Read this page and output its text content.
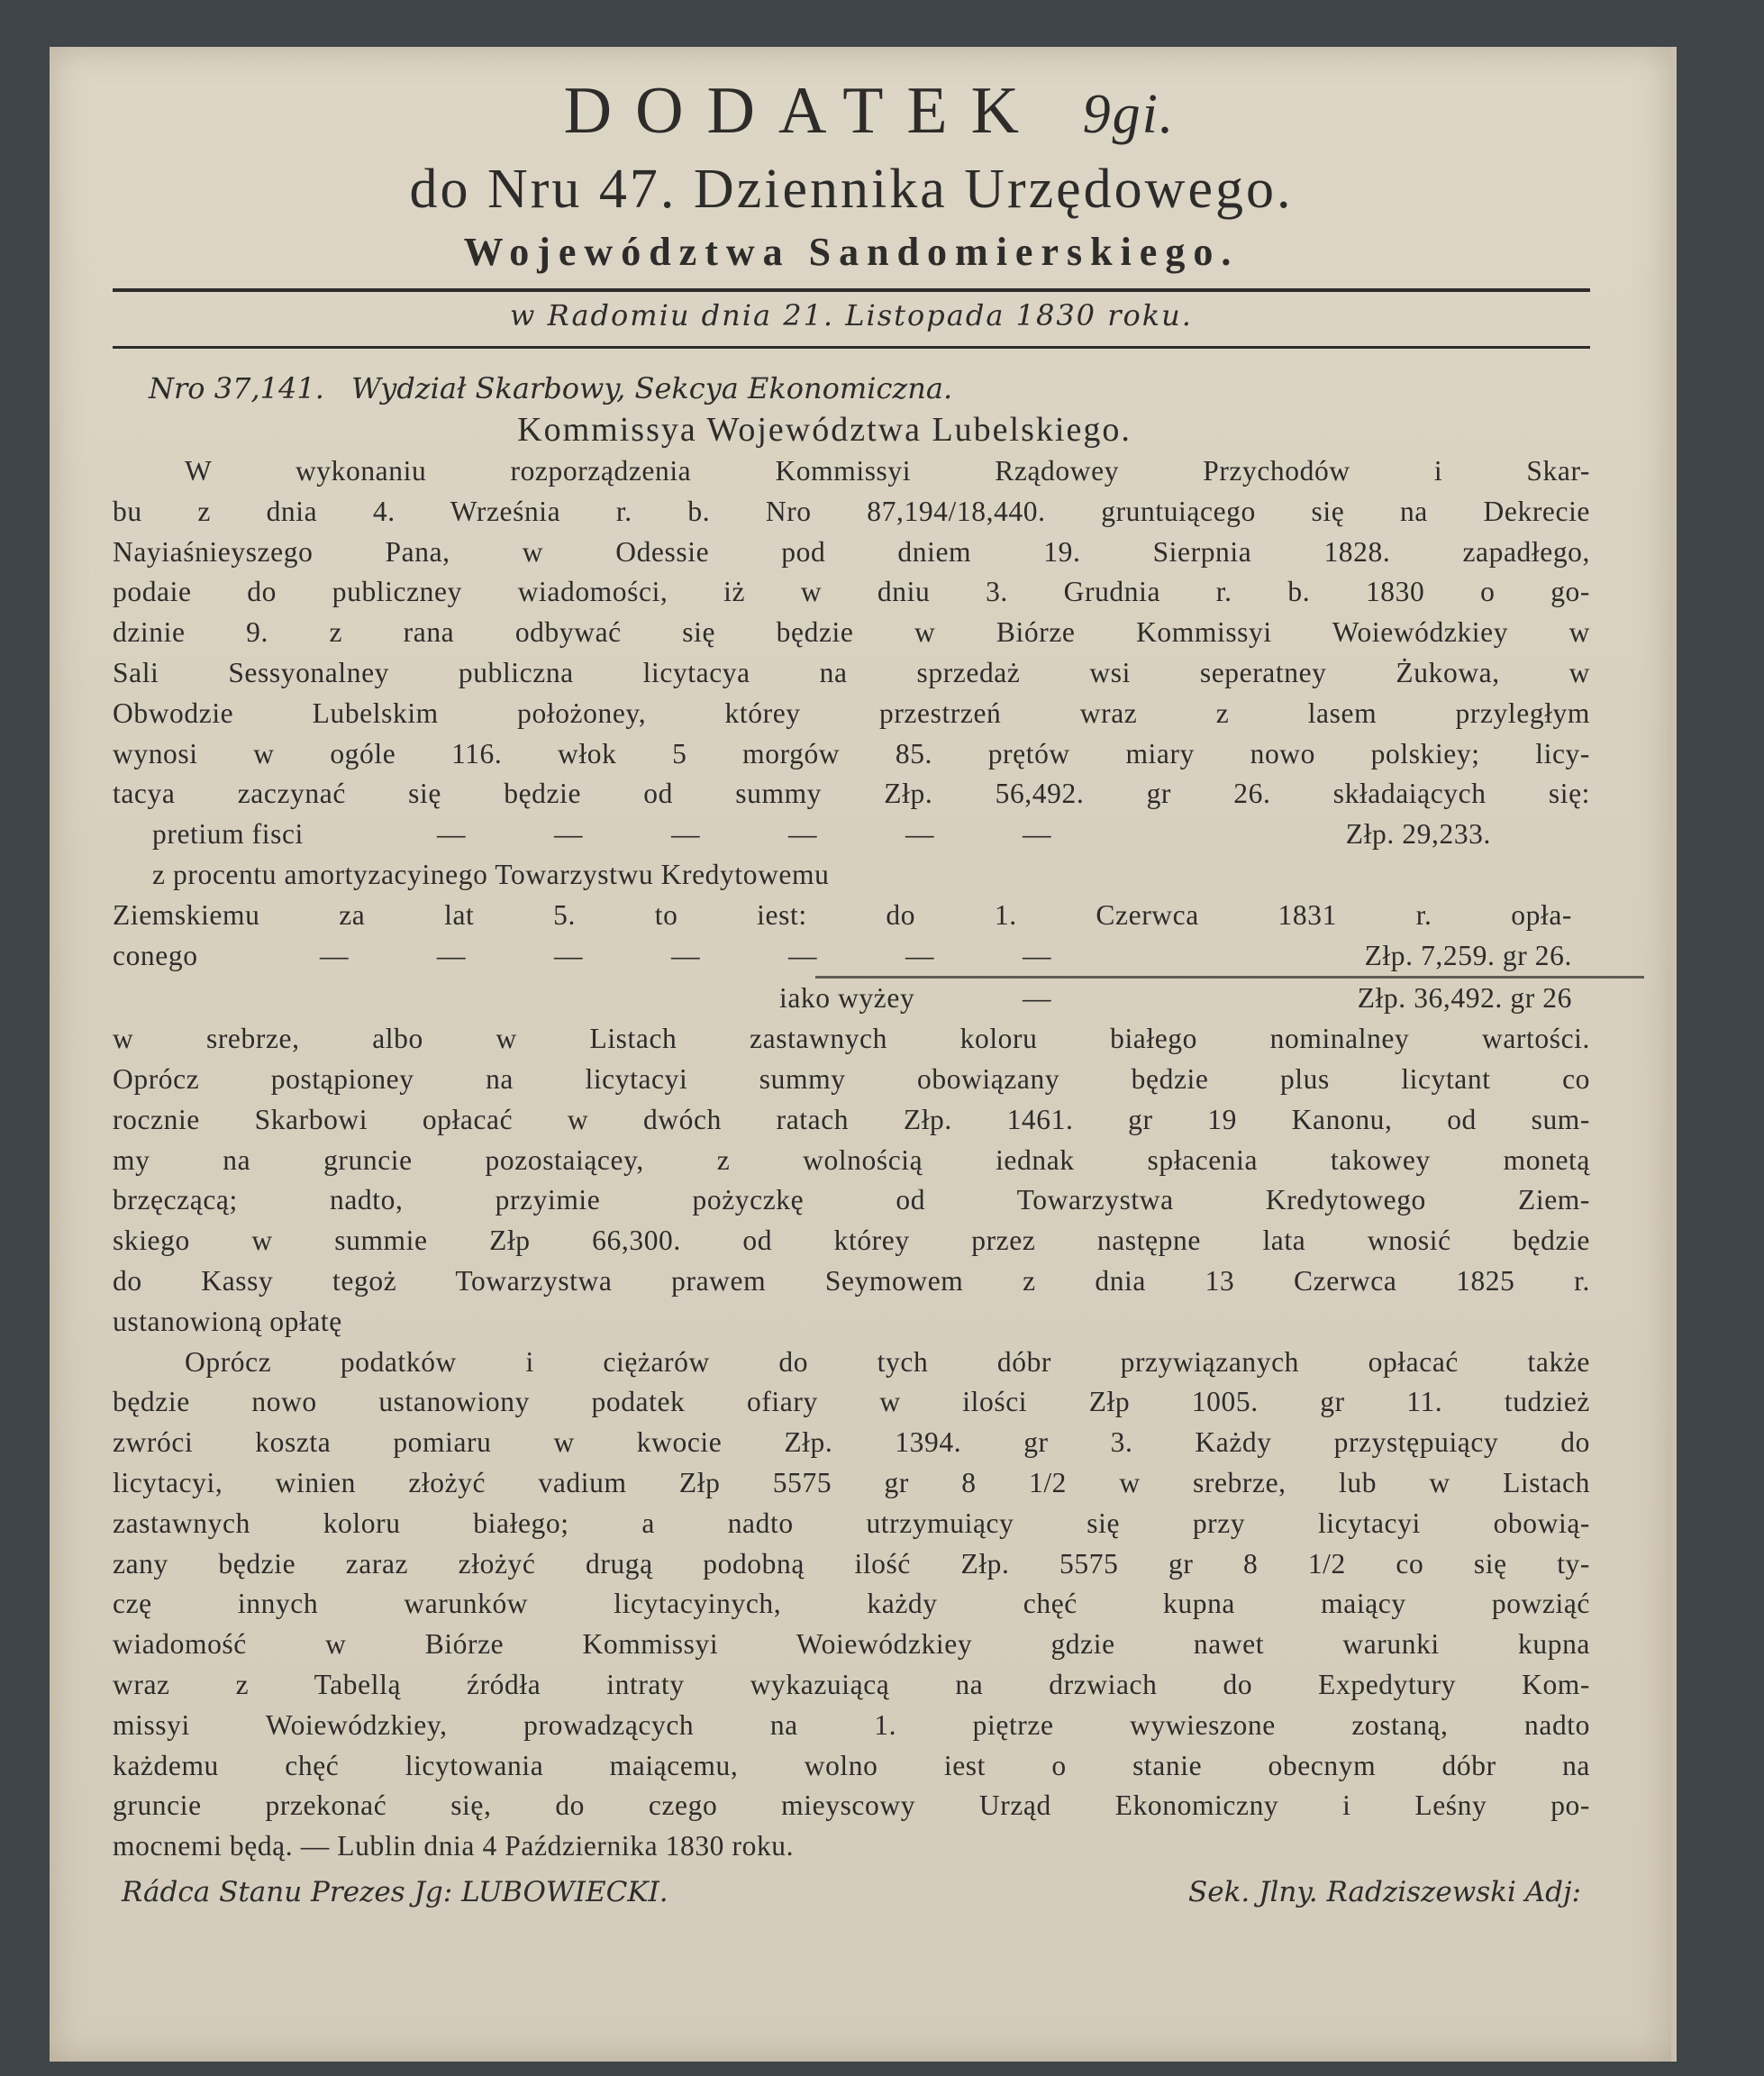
DODATEK 9gi.
do Nru 47. Dziennika Urzędowego.
Województwa Sandomierskiego.
w Radomiu dnia 21. Listopada 1830 roku.
Nro 37,141. Wydział Skarbowy, Sekcya Ekonomiczna.
Kommissya Województwa Lubelskiego.
W wykonaniu rozporządzenia Kommissyi Rządowey Przychodów i Skar-
bu z dnia 4. Września r. b. Nro 87,194/18,440. gruntuiącego się na Dekrecie
Nayiaśnieyszego Pana, w Odessie pod dniem 19. Sierpnia 1828. zapadłego,
podaie do publiczney wiadomości, iż w dniu 3. Grudnia r. b. 1830 o go-
dzinie 9. z rana odbywać się będzie w Biórze Kommissyi Woiewódzkiey w
Sali Sessyonalney publiczna licytacya na sprzedaż wsi seperatney Żukowa, w
Obwodzie Lubelskim położoney, którey przestrzeń wraz z lasem przyległym
wynosi w ogóle 116. włok 5 morgów 85. prętów miary nowo polskiey; licy-
tacya zaczynać się będzie od summy Złp. 56,492. gr 26. składaiących się:
pretium fisci	—	—	—	—	—	—	Złp. 29,233.
z procentu amortyzacyinego Towarzystwu Kredytowemu
Ziemskiemu za lat 5. to iest: do 1. Czerwca 1831 r. opła-
conego	—	—	—	—	—	—	—	Złp. 7,259. gr 26.
iako wyżey	—	Złp. 36,492. gr 26
w srebrze, albo w Listach zastawnych koloru białego nominalney wartości.
Oprócz postąpioney na licytacyi summy obowiązany będzie plus licytant co
rocznie Skarbowi opłacać w dwóch ratach Złp. 1461. gr 19 Kanonu, od sum-
my na gruncie pozostaiącey, z wolnością iednak spłacenia takowey monetą
brzęczącą; nadto, przyimie pożyczkę od Towarzystwa Kredytowego Ziem-
skiego w summie Złp 66,300. od którey przez następne lata wnosić będzie
do Kassy tegoż Towarzystwa prawem Seymowem z dnia 13 Czerwca 1825 r.
ustanowioną opłatę
Oprócz podatków i ciężarów do tych dóbr przywiązanych opłacać także
będzie nowo ustanowiony podatek ofiary w ilości Złp 1005. gr 11. tudzież
zwróci koszta pomiaru w kwocie Złp. 1394. gr 3. Każdy przystępuiący do
licytacyi, winien złożyć vadium Złp 5575 gr 8 1/2 w srebrze, lub w Listach
zastawnych koloru białego; a nadto utrzymuiący się przy licytacyi obowią-
zany będzie zaraz złożyć drugą podobną ilość Złp. 5575 gr 8 1/2 co się ty-
czę innych warunków licytacyinych, każdy chęć kupna maiący powziąć
wiadomość w Biórze Kommissyi Woiewódzkiey gdzie nawet warunki kupna
wraz z Tabellą źródła intraty wykazuiącą na drzwiach do Expedytury Kom-
missyi Woiewódzkiey, prowadzących na 1. piętrze wywieszone zostaną, nadto
każdemu chęć licytowania maiącemu, wolno iest o stanie obecnym dóbr na
gruncie przekonać się, do czego mieyscowy Urząd Ekonomiczny i Leśny po-
mocnemi będą. — Lublin dnia 4 Października 1830 roku.
Rádca Stanu Prezes Jg: LUBOWIECKI.	Sek. Jlny. Radziszewski Adj:
